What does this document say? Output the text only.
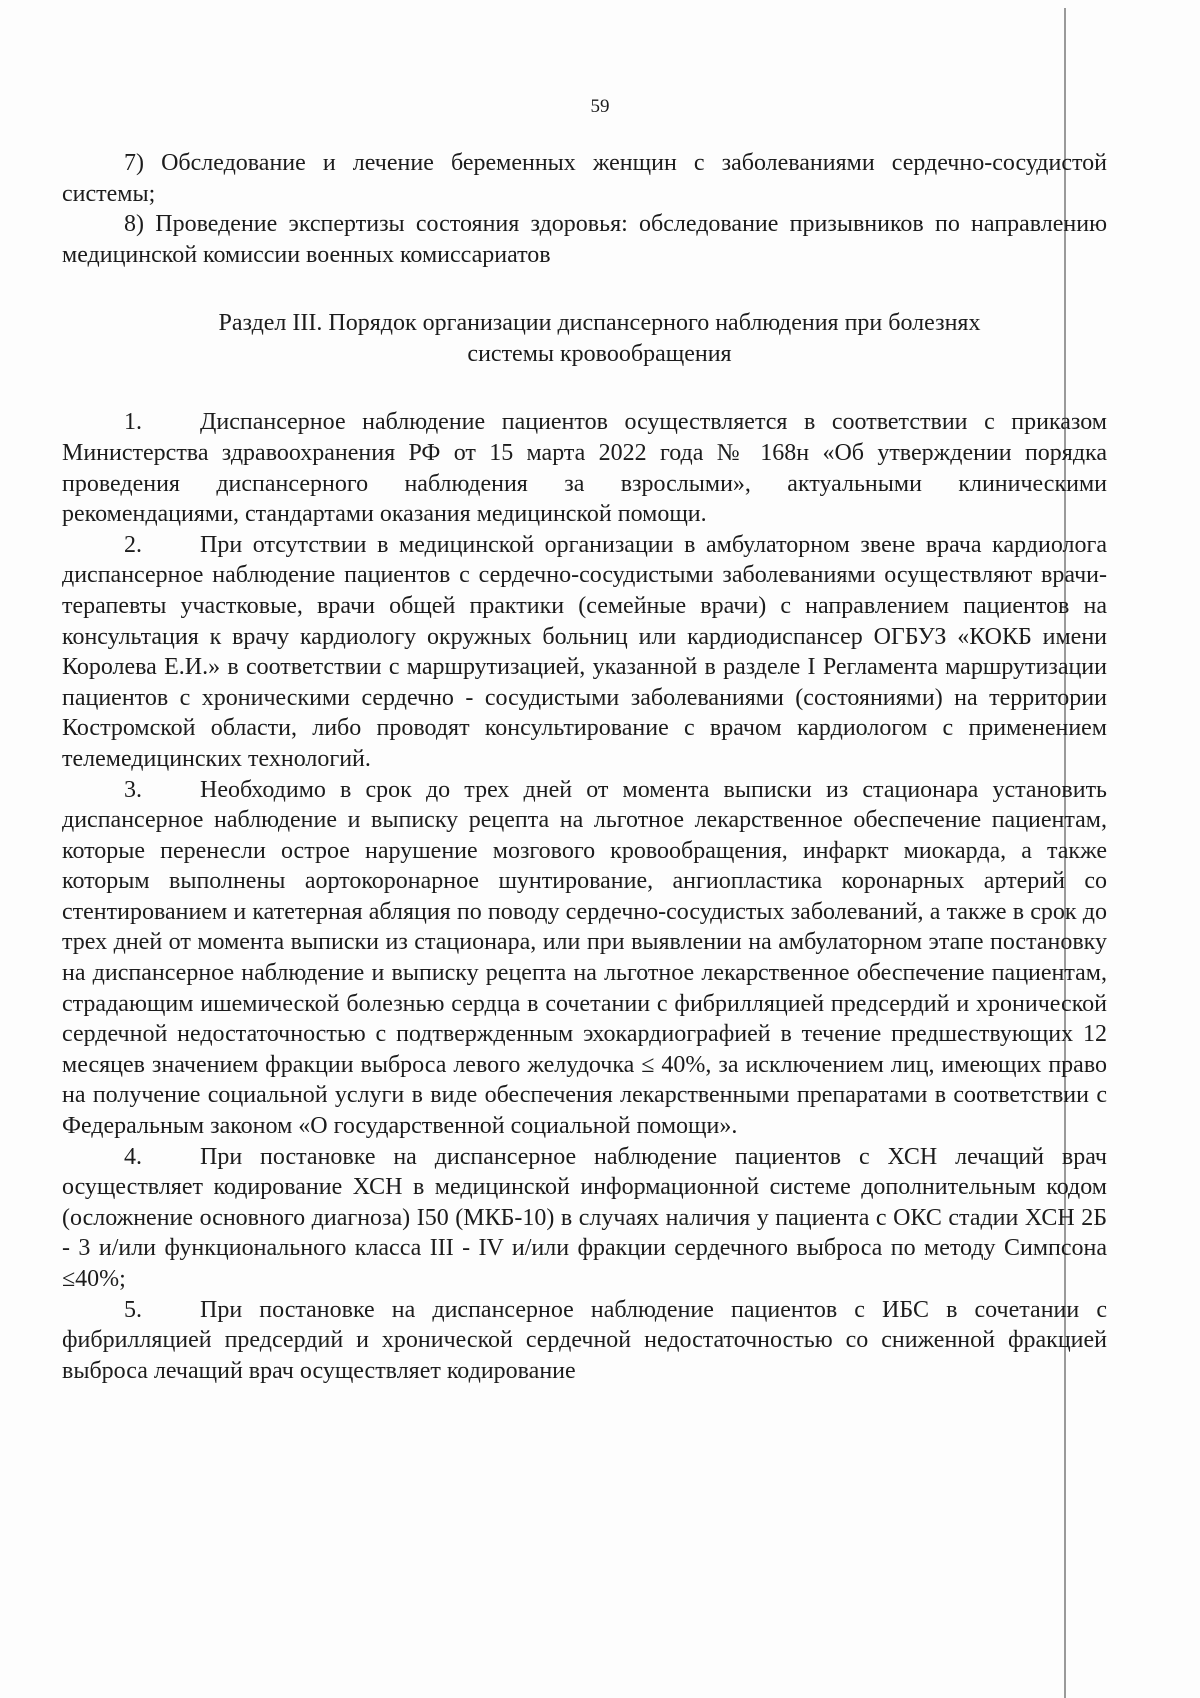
59

7) Обследование и лечение беременных женщин с заболеваниями сердечно-сосудистой системы;

8) Проведение экспертизы состояния здоровья: обследование призывников по направлению медицинской комиссии военных комиссариатов

Раздел III. Порядок организации диспансерного наблюдения при болезнях
системы кровообращения

1. Диспансерное наблюдение пациентов осуществляется в соответствии с приказом Министерства здравоохранения РФ от 15 марта 2022 года № 168н «Об утверждении порядка проведения диспансерного наблюдения за взрослыми», актуальными клиническими рекомендациями, стандартами оказания медицинской помощи.

2. При отсутствии в медицинской организации в амбулаторном звене врача кардиолога диспансерное наблюдение пациентов с сердечно-сосудистыми заболеваниями осуществляют врачи-терапевты участковые, врачи общей практики (семейные врачи) с направлением пациентов на консультация к врачу кардиологу окружных больниц или кардиодиспансер ОГБУЗ «КОКБ имени Королева Е.И.» в соответствии с маршрутизацией, указанной в разделе I Регламента маршрутизации пациентов с хроническими сердечно - сосудистыми заболеваниями (состояниями) на территории Костромской области, либо проводят консультирование с врачом кардиологом с применением телемедицинских технологий.

3. Необходимо в срок до трех дней от момента выписки из стационара установить диспансерное наблюдение и выписку рецепта на льготное лекарственное обеспечение пациентам, которые перенесли острое нарушение мозгового кровообращения, инфаркт миокарда, а также которым выполнены аортокоронарное шунтирование, ангиопластика коронарных артерий со стентированием и катетерная абляция по поводу сердечно-сосудистых заболеваний, а также в срок до трех дней от момента выписки из стационара, или при выявлении на амбулаторном этапе постановку на диспансерное наблюдение и выписку рецепта на льготное лекарственное обеспечение пациентам, страдающим ишемической болезнью сердца в сочетании с фибрилляцией предсердий и хронической сердечной недостаточностью с подтвержденным эхокардиографией в течение предшествующих 12 месяцев значением фракции выброса левого желудочка ≤ 40%, за исключением лиц, имеющих право на получение социальной услуги в виде обеспечения лекарственными препаратами в соответствии с Федеральным законом «О государственной социальной помощи».

4. При постановке на диспансерное наблюдение пациентов с ХСН лечащий врач осуществляет кодирование ХСН в медицинской информационной системе дополнительным кодом (осложнение основного диагноза) I50 (МКБ-10) в случаях наличия у пациента с ОКС стадии ХСН 2Б - 3 и/или функционального класса III - IV и/или фракции сердечного выброса по методу Симпсона ≤40%;

5. При постановке на диспансерное наблюдение пациентов с ИБС в сочетании с фибрилляцией предсердий и хронической сердечной недостаточностью со сниженной фракцией выброса лечащий врач осуществляет кодирование
